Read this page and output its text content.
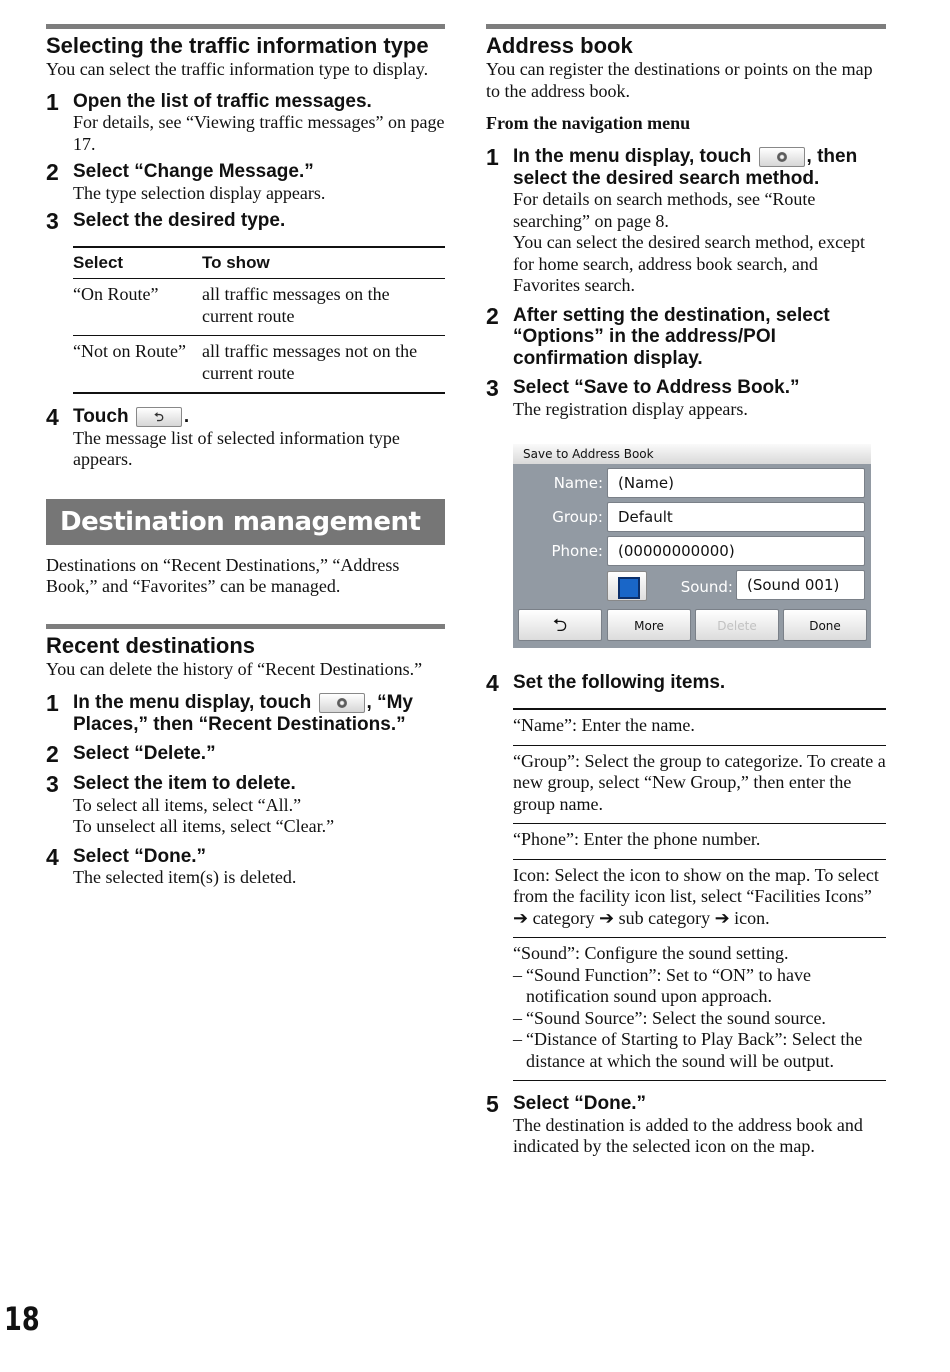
Selecting the traffic information type

You can select the traffic information type to display.

1 Open the list of traffic messages.
For details, see “Viewing traffic messages” on page 17.
2 Select “Change Message.”
The type selection display appears.
3 Select the desired type.
Select	To show
“On Route”	all traffic messages on the current route
“Not on Route”	all traffic messages not on the current route
4 Touch ⮌ .
The message list of selected information type appears.
Destination management

Destinations on “Recent Destinations,” “Address Book,” and “Favorites” can be managed.

Recent destinations

You can delete the history of “Recent Destinations.”

1 In the menu display, touch	, “My Places,” then “Recent Destinations.”
2 Select “Delete.”
3 Select the item to delete.
To select all items, select “All.”
To unselect all items, select “Clear.”
4 Select “Done.”
The selected item(s) is deleted.
Address book

You can register the destinations or points on the map to the address book.

From the navigation menu
1 In the menu display, touch	, then select the desired search method.
For details on search methods, see “Route searching” on page 8.
You can select the desired search method, except for home search, address book search, and Favorites search.
2 After setting the destination, select “Options” in the address/POI confirmation display.
3 Select “Save to Address Book.”
The registration display appears.
Save to Address Book
Name:	(Name)
Group:	Default
Phone:	(00000000000)
Sound: (Sound 001)
⮌	More	Delete	Done
4 Set the following items.
“Name”: Enter the name.
“Group”: Select the group to categorize. To create a new group, select “New Group,” then enter the group name.
“Phone”: Enter the phone number.
Icon: Select the icon to show on the map. To select from the facility icon list, select “Facilities Icons” ➔ category ➔ sub category ➔ icon.

“Sound”: Configure the sound setting.
– “Sound Function”: Set to “ON” to have notification sound upon approach.
– “Sound Source”: Select the sound source.
– “Distance of Starting to Play Back”: Select the distance at which the sound will be output.
5 Select “Done.”
The destination is added to the address book and indicated by the selected icon on the map.
18
